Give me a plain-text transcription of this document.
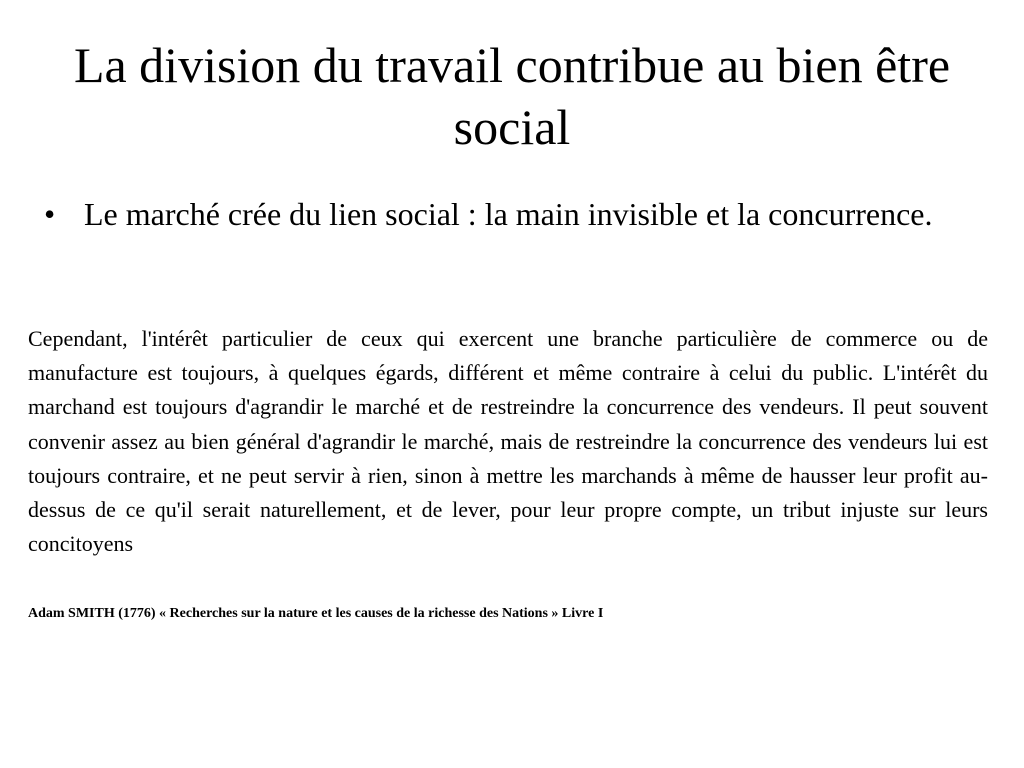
La division du travail contribue au bien être social
• Le marché crée du lien social : la main invisible et la concurrence.

Cependant, l'intérêt particulier de ceux qui exercent une branche particulière de commerce ou de manufacture est toujours, à quelques égards, différent et même contraire à celui du public. L'intérêt du marchand est toujours d'agrandir le marché et de restreindre la concurrence des vendeurs. Il peut souvent convenir assez au bien général d'agrandir le marché, mais de restreindre la concurrence des vendeurs lui est toujours contraire, et ne peut servir à rien, sinon à mettre les marchands à même de hausser leur profit au-dessus de ce qu'il serait naturellement, et de lever, pour leur propre compte, un tribut injuste sur leurs concitoyens

Adam SMITH (1776) « Recherches sur la nature et les causes de la richesse des Nations » Livre I
